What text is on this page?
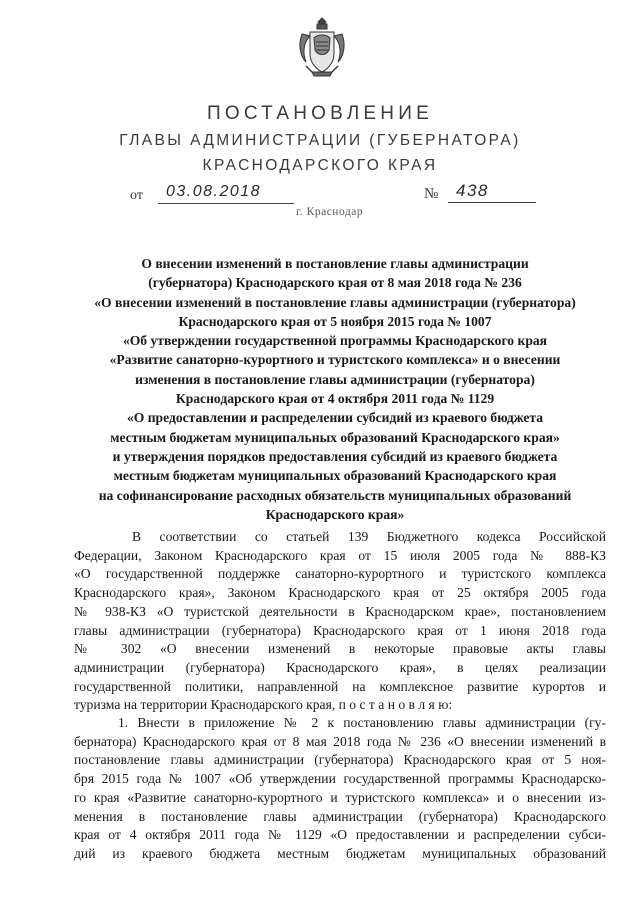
ПОСТАНОВЛЕНИЕ
ГЛАВЫ АДМИНИСТРАЦИИ (ГУБЕРНАТОРА)
КРАСНОДАРСКОГО КРАЯ
от	03.08.2018	№	438
г. Краснодар
О внесении изменений в постановление главы администрации
(губернатора) Краснодарского края от 8 мая 2018 года № 236
«О внесении изменений в постановление главы администрации (губернатора)
Краснодарского края от 5 ноября 2015 года № 1007
«Об утверждении государственной программы Краснодарского края
«Развитие санаторно-курортного и туристского комплекса» и о внесении
изменения в постановление главы администрации (губернатора)
Краснодарского края от 4 октября 2011 года № 1129
«О предоставлении и распределении субсидий из краевого бюджета
местным бюджетам муниципальных образований Краснодарского края»
и утверждения порядков предоставления субсидий из краевого бюджета
местным бюджетам муниципальных образований Краснодарского края
на софинансирование расходных обязательств муниципальных образований
Краснодарского края»

В соответствии со статьей 139 Бюджетного кодекса Российской
Федерации, Законом Краснодарского края от 15 июля 2005 года № 888-КЗ
«О государственной поддержке санаторно-курортного и туристского комплекса
Краснодарского края», Законом Краснодарского края от 25 октября 2005 года
№ 938-КЗ «О туристской деятельности в Краснодарском крае», постановлением
главы администрации (губернатора) Краснодарского края от 1 июня 2018 года
№ 302 «О внесении изменений в некоторые правовые акты главы
администрации (губернатора) Краснодарского края», в целях реализации
государственной политики, направленной на комплексное развитие курортов и
туризма на территории Краснодарского края, п о с т а н о в л я ю:

1. Внести в приложение № 2 к постановлению главы администрации (гу-
бернатора) Краснодарского края от 8 мая 2018 года № 236 «О внесении изменений в
постановление главы администрации (губернатора) Краснодарского края от 5 ноя-
бря 2015 года № 1007 «Об утверждении государственной программы Краснодарско-
го края «Развитие санаторно-курортного и туристского комплекса» и о внесении из-
менения в постановление главы администрации (губернатора) Краснодарского
края от 4 октября 2011 года № 1129 «О предоставлении и распределении субси-
дий из краевого бюджета местным бюджетам муниципальных образований
